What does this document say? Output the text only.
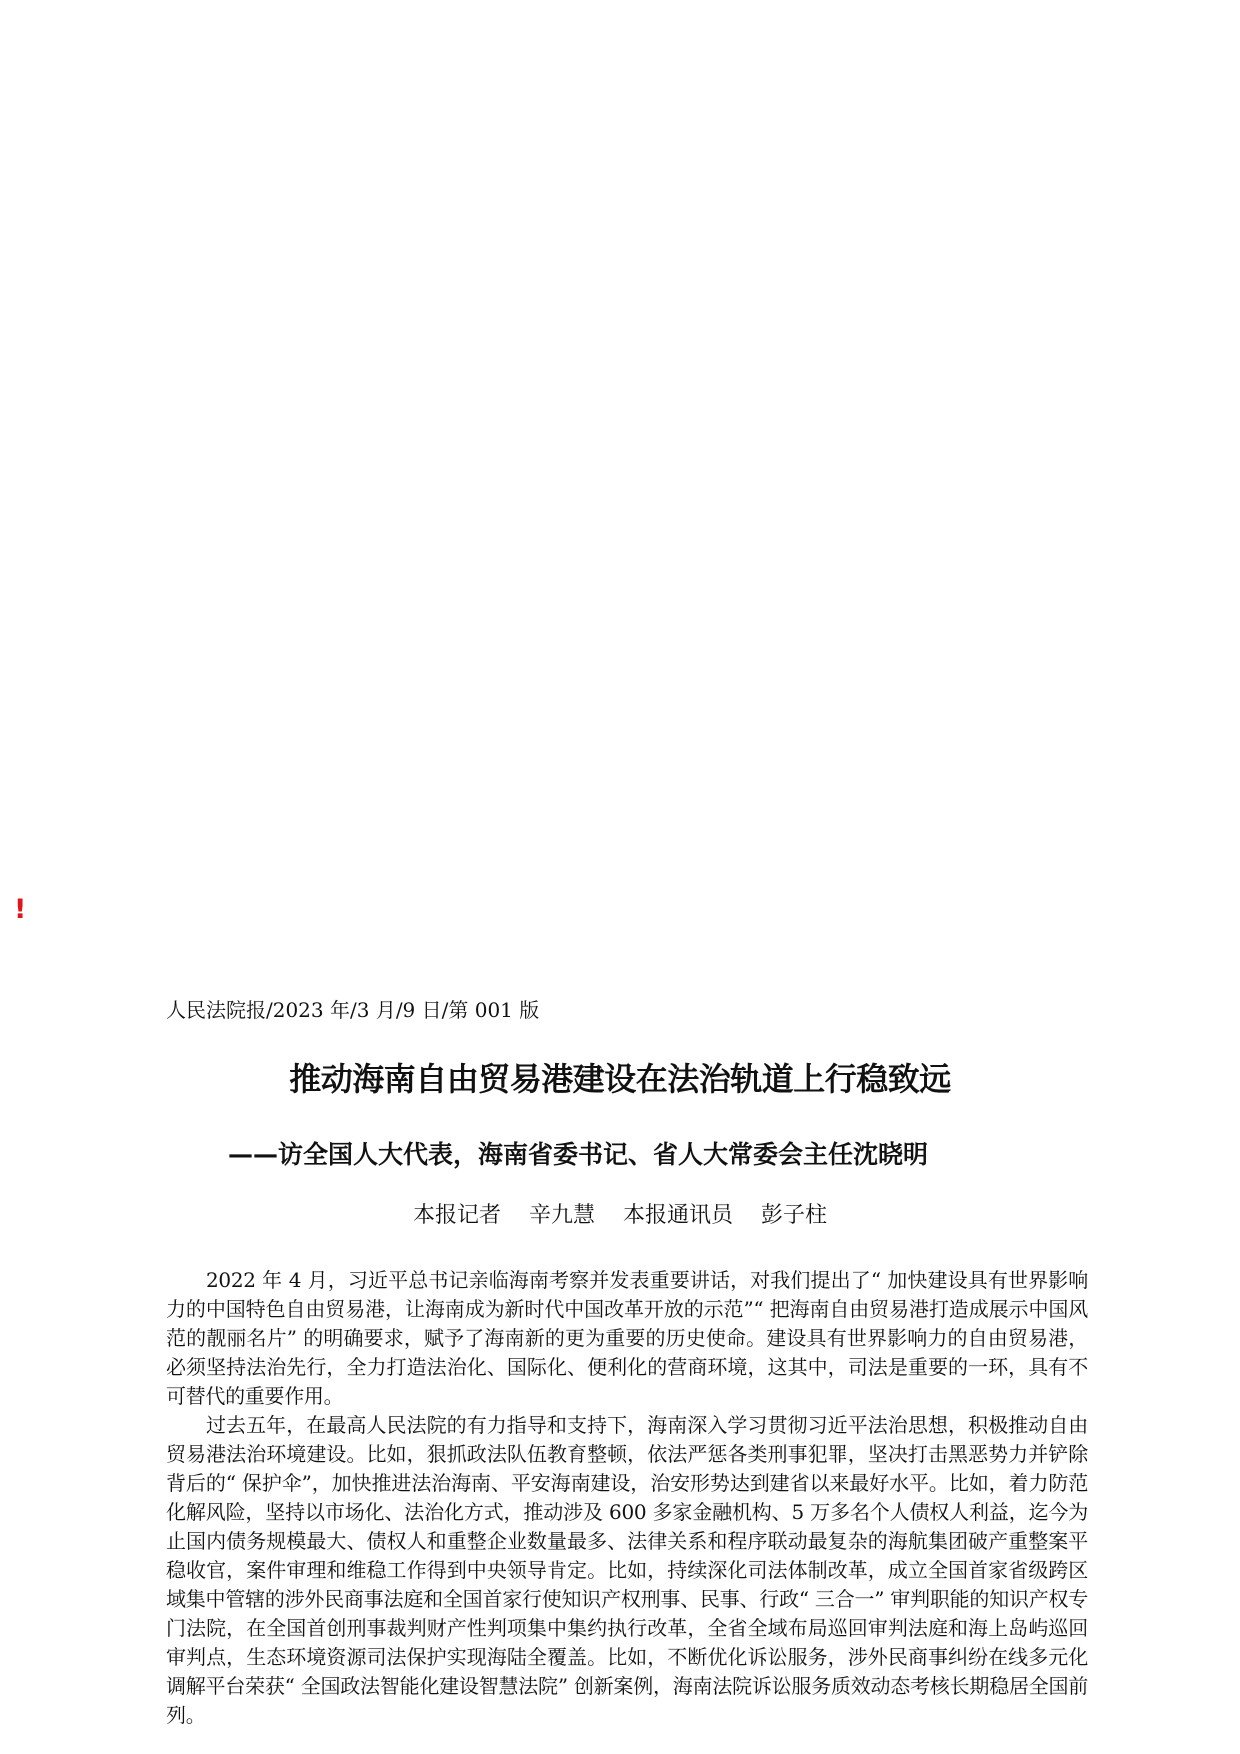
!
人民法院报/2023 年/3 月/9 日/第 001 版
推动海南自由贸易港建设在法治轨道上行稳致远
——访全国人大代表，海南省委书记、省人大常委会主任沈晓明
本报记者    辛九慧    本报通讯员    彭子柱

2022 年 4 月，习近平总书记亲临海南考察并发表重要讲话，对我们提出了“ 加快建设具有世界影响力的中国特色自由贸易港，让海南成为新时代中国改革开放的示范”“ 把海南自由贸易港打造成展示中国风范的靓丽名片” 的明确要求，赋予了海南新的更为重要的历史使命。建设具有世界影响力的自由贸易港，必须坚持法治先行，全力打造法治化、国际化、便利化的营商环境，这其中，司法是重要的一环，具有不可替代的重要作用。

过去五年，在最高人民法院的有力指导和支持下，海南深入学习贯彻习近平法治思想，积极推动自由贸易港法治环境建设。比如，狠抓政法队伍教育整顿，依法严惩各类刑事犯罪，坚决打击黑恶势力并铲除背后的“ 保护伞”，加快推进法治海南、平安海南建设，治安形势达到建省以来最好水平。比如，着力防范化解风险，坚持以市场化、法治化方式，推动涉及 600 多家金融机构、5 万多名个人债权人利益，迄今为止国内债务规模最大、债权人和重整企业数量最多、法律关系和程序联动最复杂的海航集团破产重整案平稳收官，案件审理和维稳工作得到中央领导肯定。比如，持续深化司法体制改革，成立全国首家省级跨区域集中管辖的涉外民商事法庭和全国首家行使知识产权刑事、民事、行政“ 三合一” 审判职能的知识产权专门法院，在全国首创刑事裁判财产性判项集中集约执行改革，全省全域布局巡回审判法庭和海上岛屿巡回审判点，生态环境资源司法保护实现海陆全覆盖。比如，不断优化诉讼服务，涉外民商事纠纷在线多元化调解平台荣获“ 全国政法智能化建设智慧法院” 创新案例，海南法院诉讼服务质效动态考核长期稳居全国前列。
